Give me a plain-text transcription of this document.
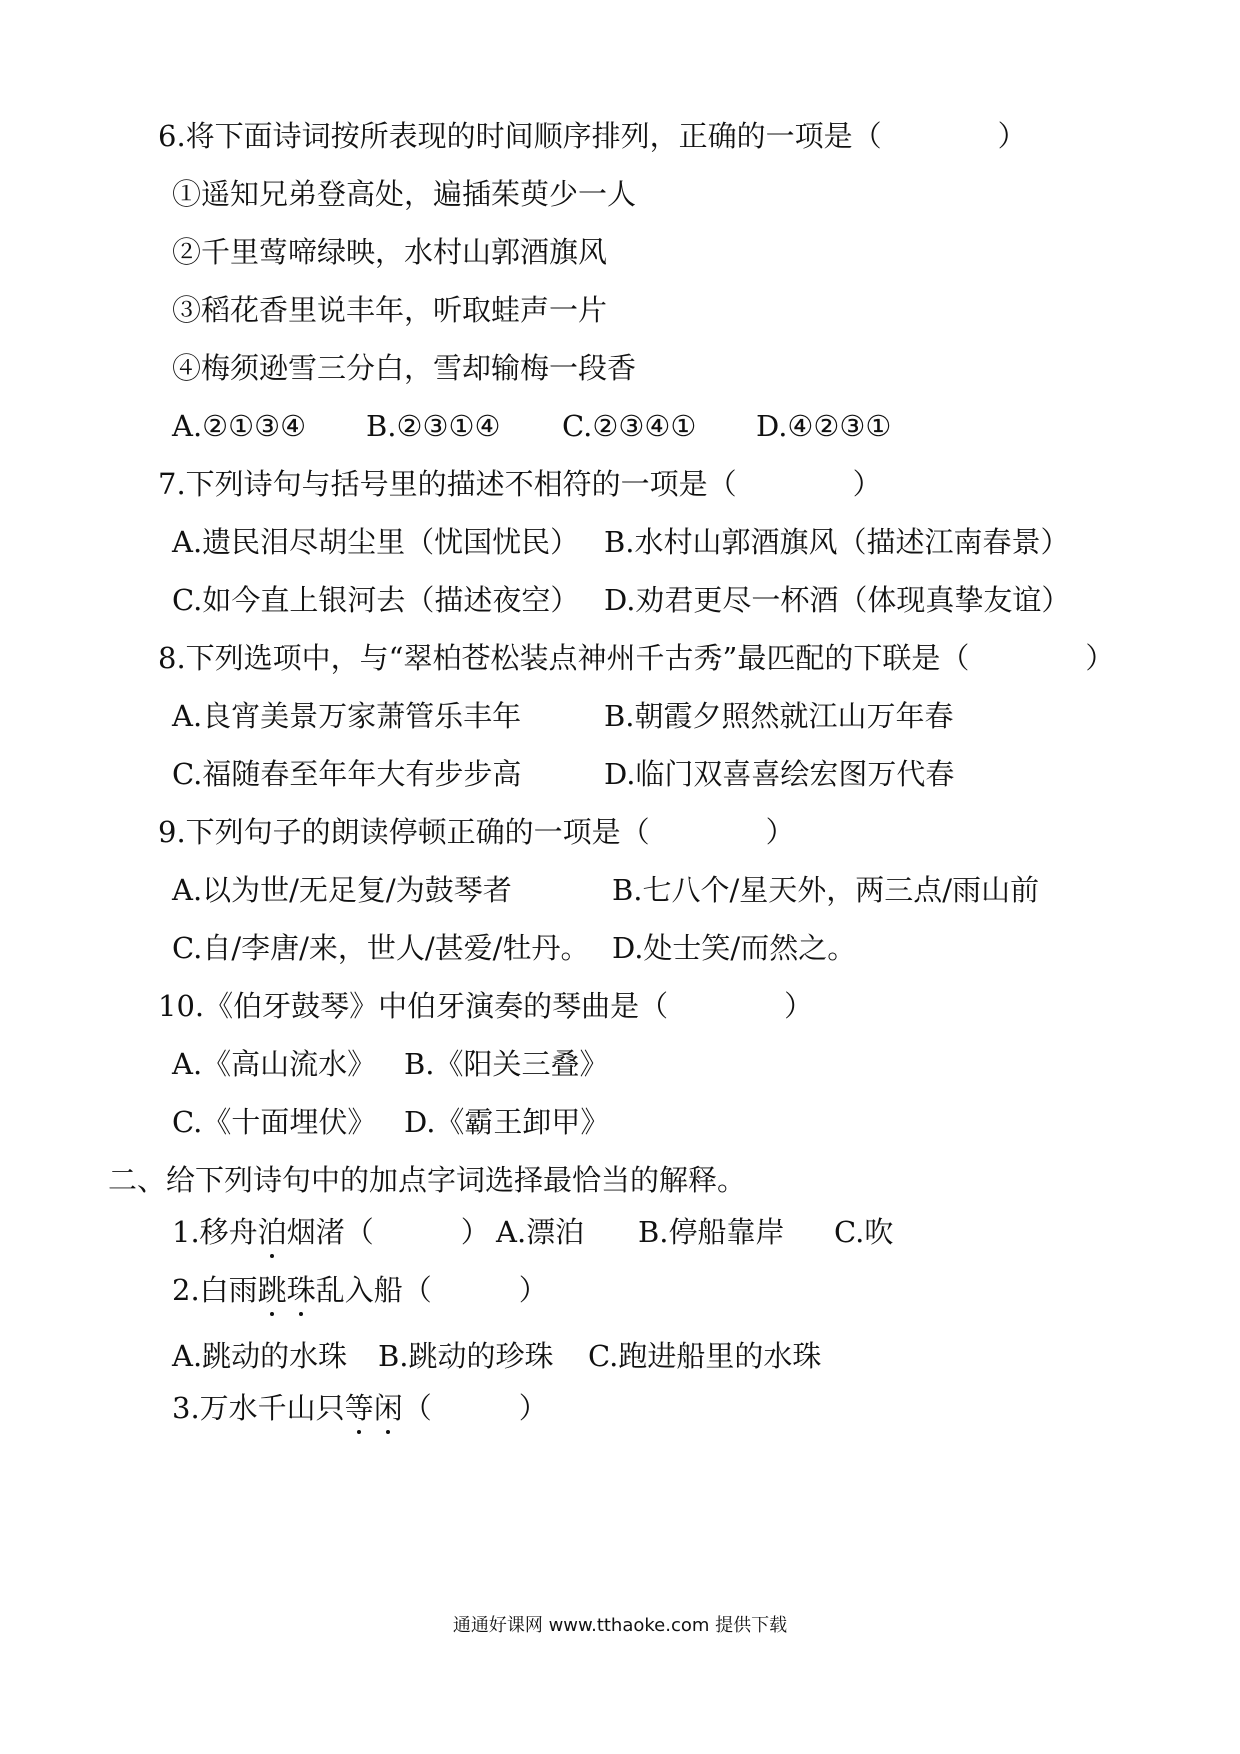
6.将下面诗词按所表现的时间顺序排列，正确的一项是（　　　　）
①遥知兄弟登高处，遍插茱萸少一人
②千里莺啼绿映，水村山郭酒旗风
③稻花香里说丰年，听取蛙声一片
④梅须逊雪三分白，雪却输梅一段香
A.②①③④ B.②③①④ C.②③④① D.④②③①
7.下列诗句与括号里的描述不相符的一项是（　　　　）
A.遗民泪尽胡尘里（忧国忧民） B.水村山郭酒旗风（描述江南春景）
C.如今直上银河去（描述夜空） D.劝君更尽一杯酒（体现真挚友谊）
8.下列选项中，与“翠柏苍松装点神州千古秀”最匹配的下联是（　　　　）
A.良宵美景万家萧管乐丰年	B.朝霞夕照然就江山万年春
C.福随春至年年大有步步高	D.临门双喜喜绘宏图万代春
9.下列句子的朗读停顿正确的一项是（　　　　）
A.以为世/无足复/为鼓琴者	B.七八个/星天外，两三点/雨山前
C.自/李唐/来，世人/甚爱/牡丹。 D.处士笑/而然之。
10.《伯牙鼓琴》中伯牙演奏的琴曲是（　　　　）
A.《高山流水》 B.《阳关三叠》
C.《十面埋伏》 D.《霸王卸甲》
二、给下列诗句中的加点字词选择最恰当的解释。
1.移舟泊烟渚（　　　） A.漂泊 B.停船靠岸 C.吹
2.白雨跳珠乱入船（　　　）
A.跳动的水珠 B.跳动的珍珠 C.跑进船里的水珠
3.万水千山只等闲（　　　）
通通好课网 www.tthaoke.com 提供下载
